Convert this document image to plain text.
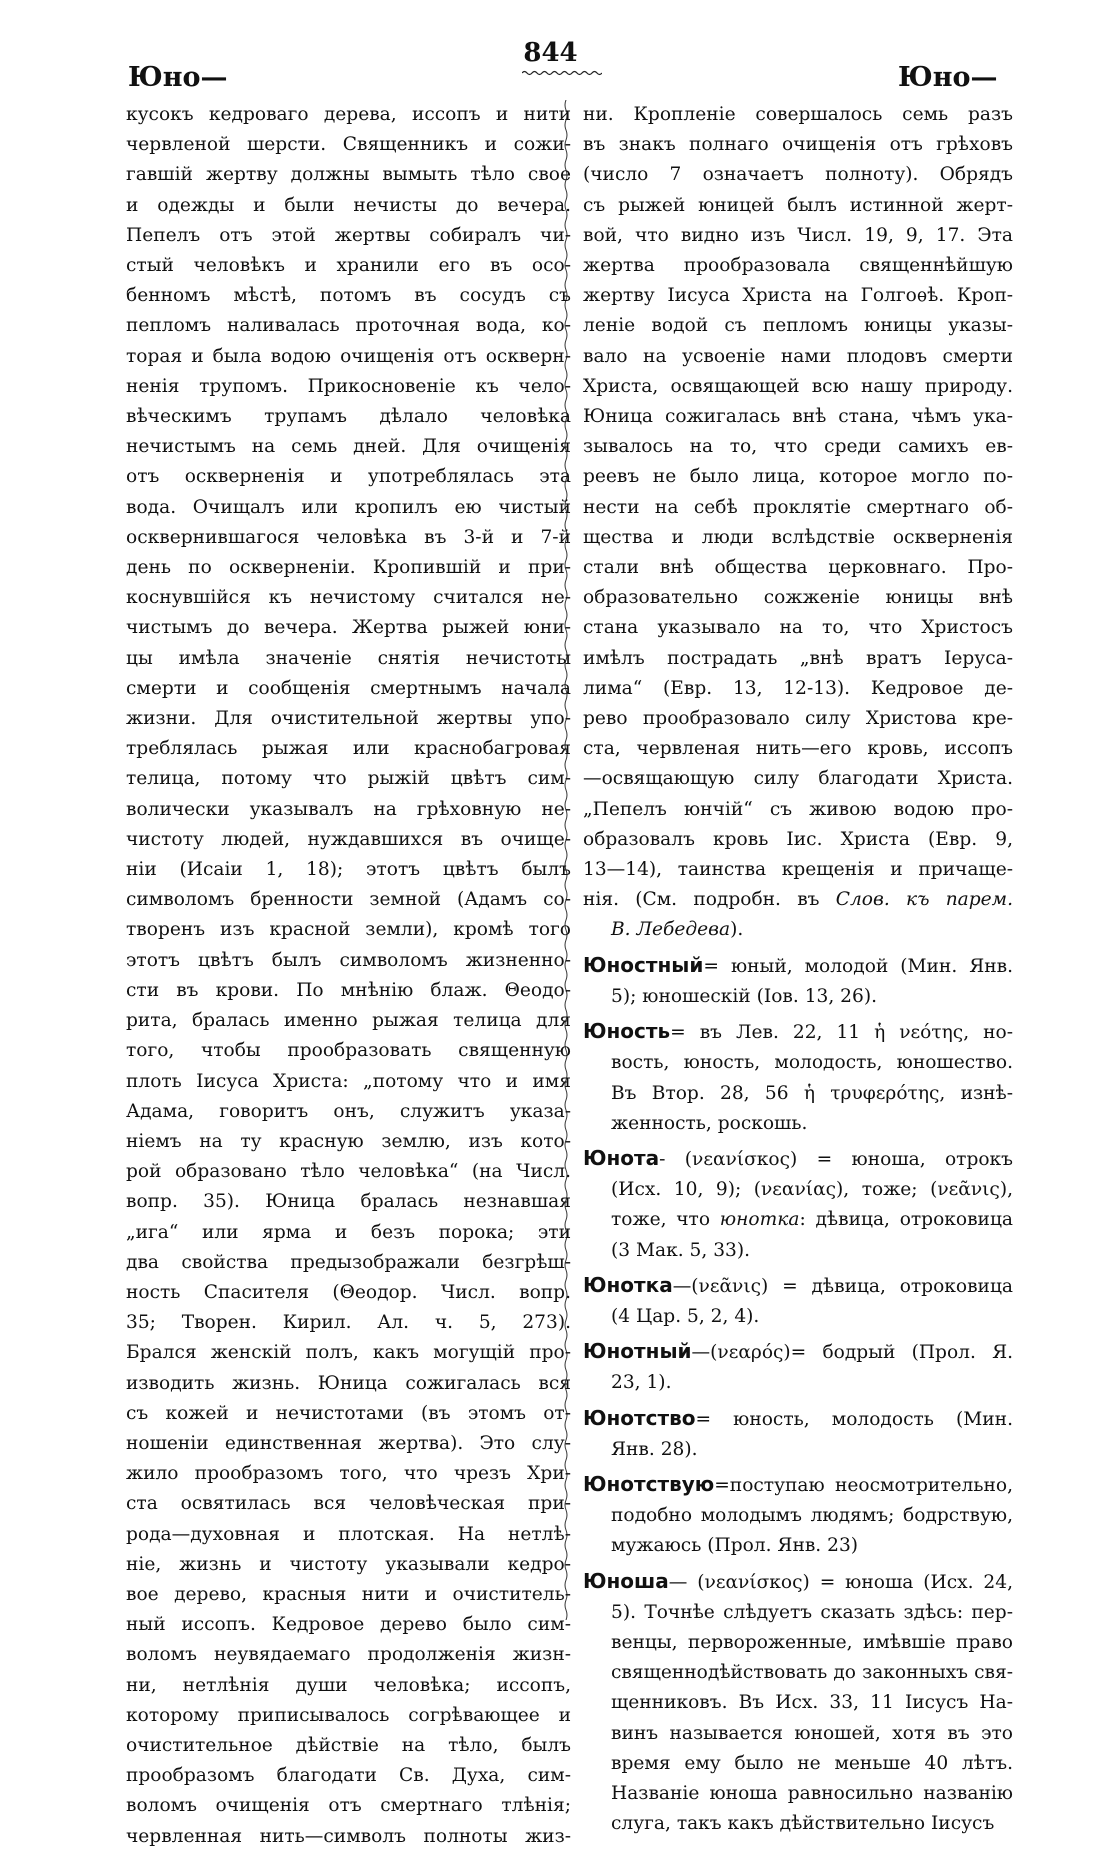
844
Юно—	Юно—
кусокъ кедроваго дерева, иссопъ и нити
червленой шерсти. Священникъ и сожи-
гавшій жертву должны вымыть тѣло свое
и одежды и были нечисты до вечера.
Пепелъ отъ этой жертвы собиралъ чи-
стый человѣкъ и хранили его въ осо-
бенномъ мѣстѣ, потомъ въ сосудъ съ
пепломъ наливалась проточная вода, ко-
торая и была водою очищенія отъ оскверн-
ненія трупомъ. Прикосновеніе къ чело-
вѣческимъ трупамъ дѣлало человѣка
нечистымъ на семь дней. Для очищенія
отъ оскверненія и употреблялась эта
вода. Очищалъ или кропилъ ею чистый
осквернившагося человѣка въ 3-й и 7-й
день по оскверненіи. Кропившій и при-
коснувшійся къ нечистому считался не-
чистымъ до вечера. Жертва рыжей юни-
цы имѣла значеніе снятія нечистоты
смерти и сообщенія смертнымъ начала
жизни. Для очистительной жертвы упо-
треблялась рыжая или краснобагровая
телица, потому что рыжій цвѣтъ сим-
волически указывалъ на грѣховную не-
чистоту людей, нуждавшихся въ очище-
ніи (Исаіи 1, 18); этотъ цвѣтъ былъ
символомъ бренности земной (Адамъ со-
творенъ изъ красной земли), кромѣ того
этотъ цвѣтъ былъ символомъ жизненно-
сти въ крови. По мнѣнію блаж. Θеодо-
рита, бралась именно рыжая телица для
того, чтобы прообразовать священную
плоть Іисуса Христа: „потому что и имя
Адама, говоритъ онъ, служитъ указа-
ніемъ на ту красную землю, изъ кото-
рой образовано тѣло человѣка“ (на Числ.
вопр. 35). Юница бралась незнавшая
„ига“ или ярма и безъ порока; эти
два свойства предызображали безгрѣш-
ность Спасителя (Θеодор. Числ. вопр.
35; Творен. Кирил. Ал. ч. 5, 273).
Брался женскій полъ, какъ могущій про-
изводить жизнь. Юница сожигалась вся
съ кожей и нечистотами (въ этомъ от-
ношеніи единственная жертва). Это слу-
жило прообразомъ того, что чрезъ Хри-
ста освятилась вся человѣческая при-
рода—духовная и плотская. На нетлѣ-
ніе, жизнь и чистоту указывали кедро-
вое дерево, красныя нити и очиститель-
ный иссопъ. Кедровое дерево было сим-
воломъ неувядаемаго продолженія жизн-
ни, нетлѣнія души человѣка; иссопъ,
которому приписывалось согрѣвающее и
очистительное дѣйствіе на тѣло, былъ
прообразомъ благодати Св. Духа, сим-
воломъ очищенія отъ смертнаго тлѣнія;
червленная нить—символъ полноты жиз-
ни. Кропленіе совершалось семь разъ
въ знакъ полнаго очищенія отъ грѣховъ
(число 7 означаетъ полноту). Обрядъ
съ рыжей юницей былъ истинной жерт-
вой, что видно изъ Числ. 19, 9, 17. Эта
жертва прообразовала священнѣйшую
жертву Іисуса Христа на Голгоѳѣ. Кроп-
леніе водой съ пепломъ юницы указы-
вало на усвоеніе нами плодовъ смерти
Христа, освящающей всю нашу природу.
Юница сожигалась внѣ стана, чѣмъ ука-
зывалось на то, что среди самихъ ев-
реевъ не было лица, которое могло по-
нести на себѣ проклятіе смертнаго об-
щества и люди вслѣдствіе оскверненія
стали внѣ общества церковнаго. Про-
образовательно сожженіе юницы внѣ
стана указывало на то, что Христосъ
имѣлъ пострадать „внѣ вратъ Іеруса-
лима“ (Евр. 13, 12-13). Кедровое де-
рево прообразовало силу Христова кре-
ста, червленая нить—его кровь, иссопъ
—освящающую силу благодати Христа.
„Пепелъ юнчій“ съ живою водою про-
образовалъ кровь Іис. Христа (Евр. 9,
13—14), таинства крещенія и причаще-
нія. (См. подробн. въ Слов. къ парем.
В. Лебедева).
Юностный= юный, молодой (Мин. Янв.
5); юношескій (Іов. 13, 26).
Юность= въ Лев. 22, 11 ἡ νεότης, но-
вость, юность, молодость, юношество.
Въ Втор. 28, 56 ἡ τρυφερότης, изнѣ-
женность, роскошь.
Юнота- (νεανίσκος) = юноша, отрокъ
(Исх. 10, 9); (νεανίας), тоже; (νεᾶνις),
тоже, что юнотка: дѣвица, отроковица
(3 Мак. 5, 33).
Юнотка—(νεᾶνις) = дѣвица, отроковица
(4 Цар. 5, 2, 4).
Юнотный—(νεαρός)= бодрый (Прол. Я.
23, 1).
Юнотство= юность, молодость (Мин.
Янв. 28).
Юнотствую=поступаю неосмотрительно,
подобно молодымъ людямъ; бодрствую,
мужаюсь (Прол. Янв. 23)
Юноша— (νεανίσκος) = юноша (Исх. 24,
5). Точнѣе слѣдуетъ сказать здѣсь: пер-
венцы, первороженные, имѣвшіе право
священнодѣйствовать до законныхъ свя-
щенниковъ. Въ Исх. 33, 11 Іисусъ На-
винъ называется юношей, хотя въ это
время ему было не меньше 40 лѣтъ.
Названіе юноша равносильно названію
слуга, такъ какъ дѣйствительно Іисусъ
